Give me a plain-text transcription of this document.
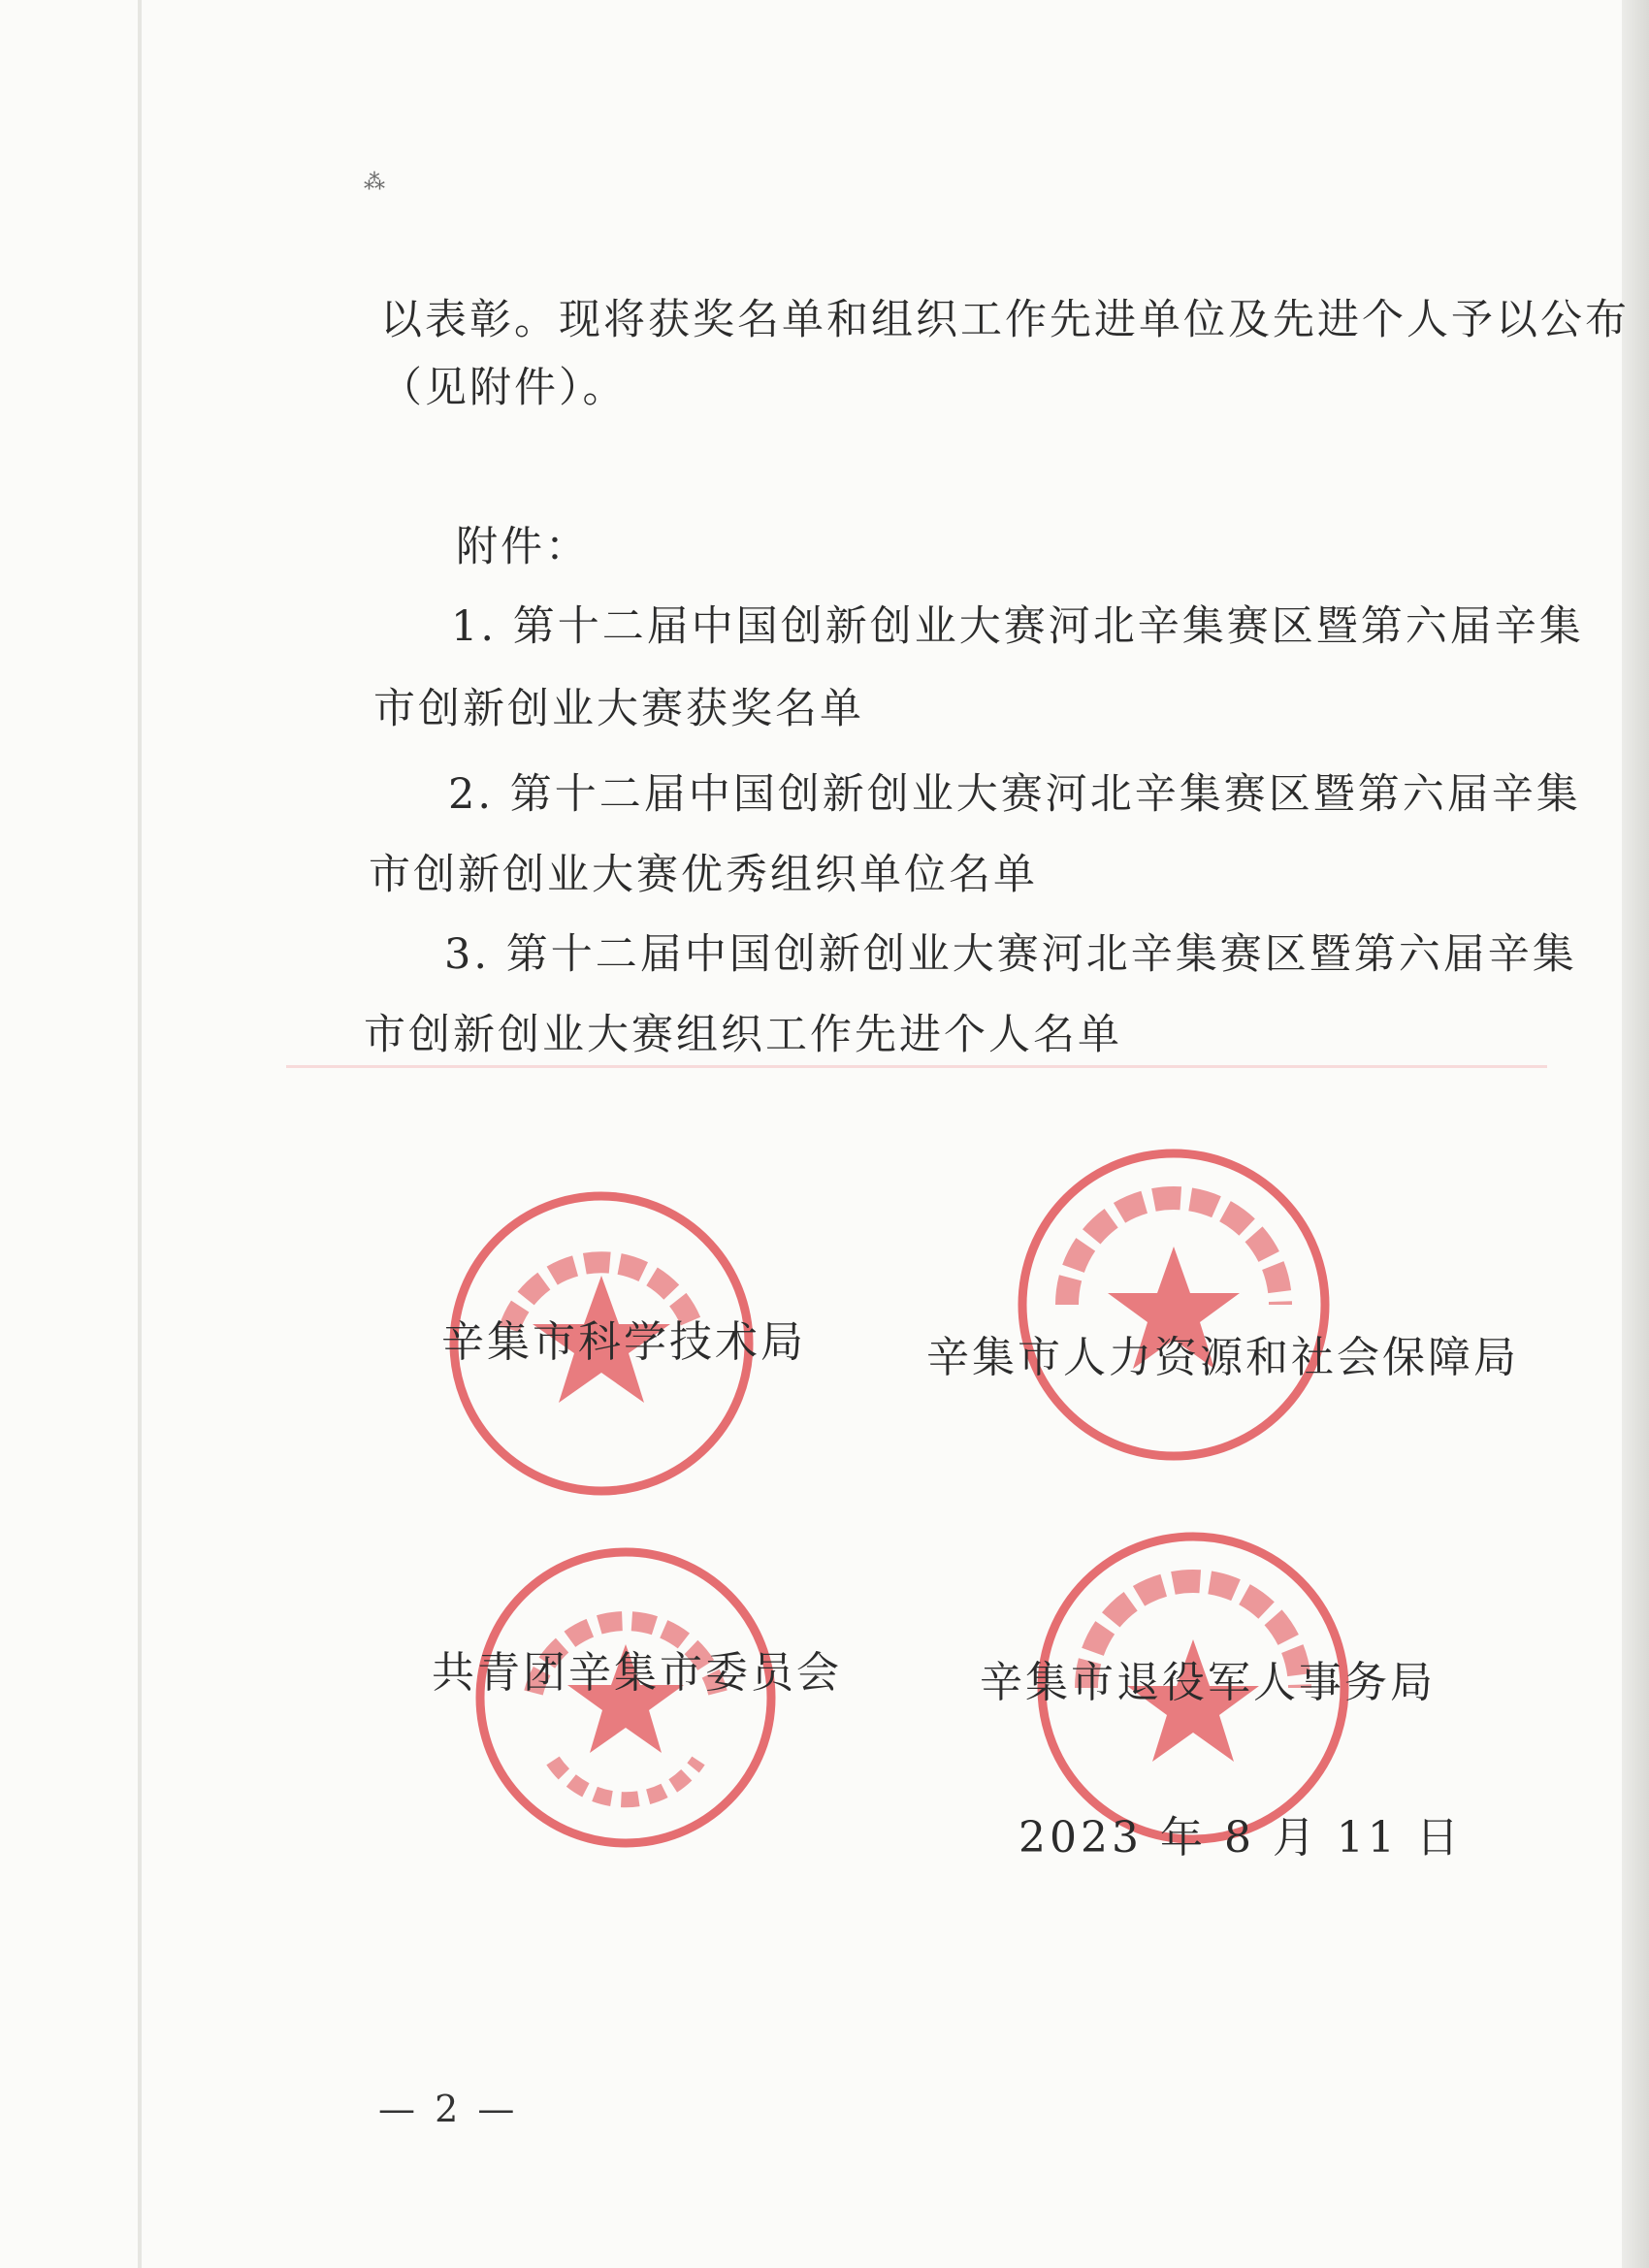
⁂
以表彰。现将获奖名单和组织工作先进单位及先进个人予以公布
（见附件）。
附件：
1. 第十二届中国创新创业大赛河北辛集赛区暨第六届辛集
市创新创业大赛获奖名单
2. 第十二届中国创新创业大赛河北辛集赛区暨第六届辛集
市创新创业大赛优秀组织单位名单
3. 第十二届中国创新创业大赛河北辛集赛区暨第六届辛集
市创新创业大赛组织工作先进个人名单
辛集市科学技术局	辛集市人力资源和社会保障局
共青团辛集市委员会	辛集市退役军人事务局
2023 年 8 月 11 日
— 2 —
